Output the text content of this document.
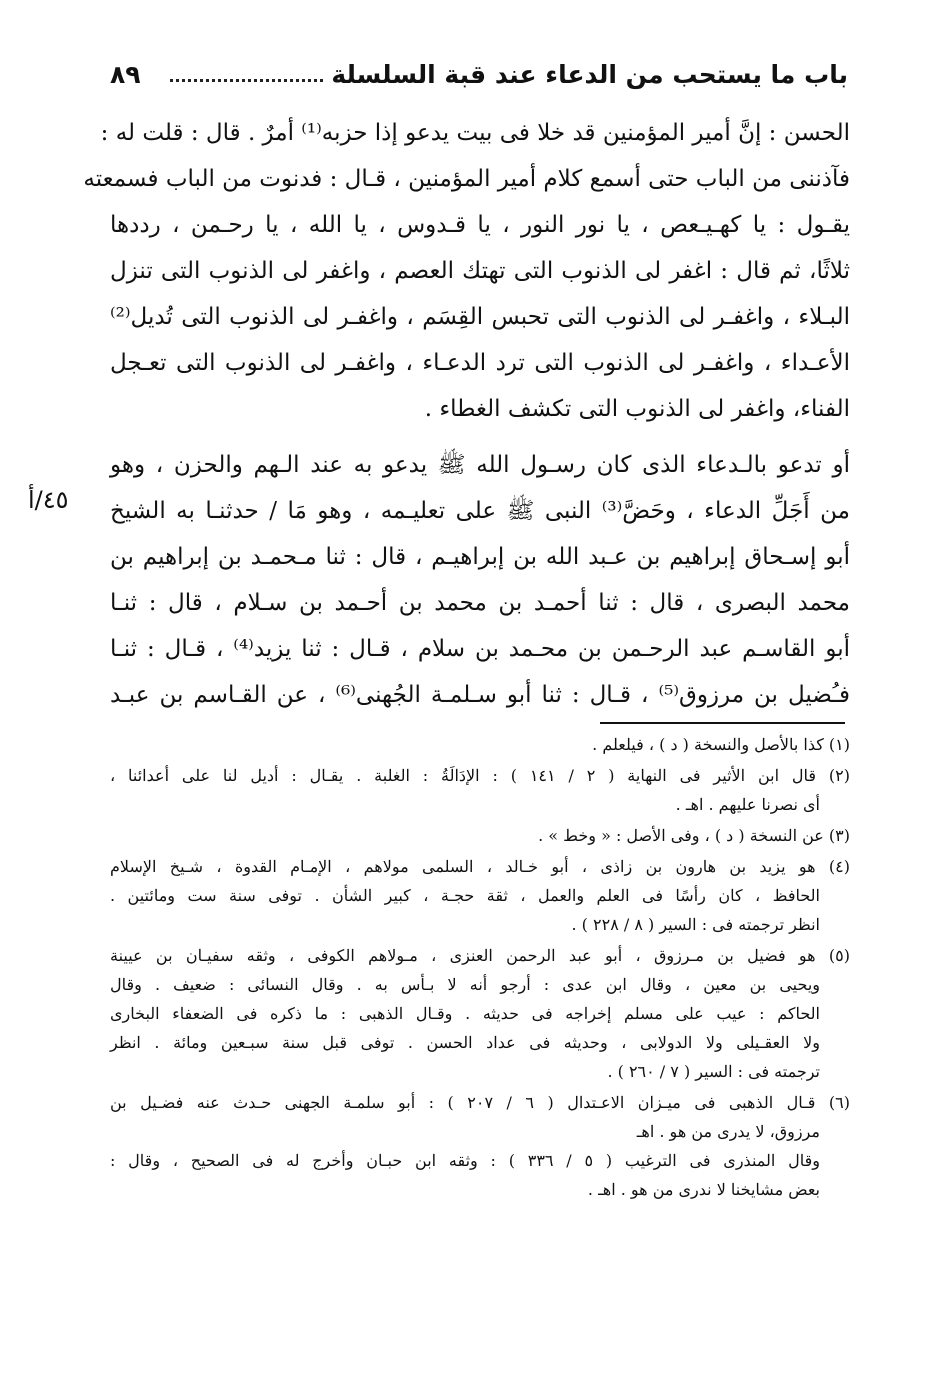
٨٩	باب ما يستحب من الدعاء عند قبة السلسلة
٤٥/أ
الحسن : إنَّ أمير المؤمنين قد خلا فى بيت يدعو إذا حزبه⁽¹⁾ أمرٌ . قال : قلت له :
فآذننى من الباب حتى أسمع كلام أمير المؤمنين ، قـال : فدنوت من الباب فسمعته
يقـول : يا كهـيـعص ، يا نور النور ، يا قـدوس ، يا الله ، يا رحـمن ، رددها
ثلاثًا، ثم قال : اغفر لى الذنوب التى تهتك العصم ، واغفر لى الذنوب التى تنزل
البـلاء ، واغفـر لى الذنوب التى تحبس القِسَم ، واغفـر لى الذنوب التى تُديل⁽²⁾
الأعـداء ، واغفـر لى الذنوب التى ترد الدعـاء ، واغفـر لى الذنوب التى تعـجل
الفناء، واغفر لى الذنوب التى تكشف الغطاء .
أو تدعو بالـدعاء الذى كان رسـول الله ﷺ يدعو به عند الـهم والحزن ، وهو
من أَجَلِّ الدعاء ، وحَضَّ⁽³⁾ النبى ﷺ على تعليـمه ، وهو مَا / حدثنـا به الشيخ
أبو إسـحاق إبراهيم بن عـبد الله بن إبراهيـم ، قال : ثنا مـحمـد بن إبراهيم بن
محمد البصرى ، قال : ثنا أحمـد بن محمد بن أحـمد بن سـلام ، قال : ثنـا
أبو القاسـم عبد الرحـمن بن محـمد بن سلام ، قـال : ثنا يزيد⁽⁴⁾ ، قـال : ثنـا
فـُضيل بن مرزوق⁽⁵⁾ ، قـال : ثنا أبو سـلمـة الجُهنى⁽⁶⁾ ، عن القـاسم بن عبـد
(١) كذا بالأصل والنسخة ( د ) ، فيلعلم .
(٢) قال ابن الأثير فى النهاية ( ٢ / ١٤١ ) : الإدَالَةُ : الغلبة . يقـال : أديل لنا على أعدائنا ،
أى نصرنا عليهم . اهـ .
(٣) عن النسخة ( د ) ، وفى الأصل : « وخط » .
(٤) هو يزيد بن هارون بن زاذى ، أبو خـالد ، السلمى مولاهم ، الإمـام القدوة ، شـيخ الإسلام
الحافظ ، كان رأسًا فى العلم والعمل ، ثقة حجـة ، كبير الشأن . توفى سنة ست ومائتين .
انظر ترجمته فى : السير ( ٨ / ٢٢٨ ) .
(٥) هو فضيل بن مـرزوق ، أبو عبد الرحمن العنزى ، مـولاهم الكوفى ، وثقه سفيـان بن عيينة
ويحيى بن معين ، وقال ابن عدى : أرجو أنه لا بـأس به . وقال النسائى : ضعيف . وقال
الحاكم : عيب على مسلم إخراجه فى حديثه . وقـال الذهبى : ما ذكره فى الضعفاء البخارى
ولا العقـيلى ولا الدولابى ، وحديثه فى عداد الحسن . توفى قبل سنة سبـعين ومائة . انظر
ترجمته فى : السير ( ٧ / ٢٦٠ ) .
(٦) قـال الذهبى فى ميـزان الاعـتدال ( ٦ / ٢٠٧ ) : أبو سلمـة الجهنى حـدث عنه فضـيل بن
مرزوق، لا يدرى من هو . اهـ
وقال المنذرى فى الترغيب ( ٥ / ٣٣٦ ) : وثقه ابن حبـان وأخرج له فى الصحيح ، وقال :
بعض مشايخنا لا ندرى من هو . اهـ .
